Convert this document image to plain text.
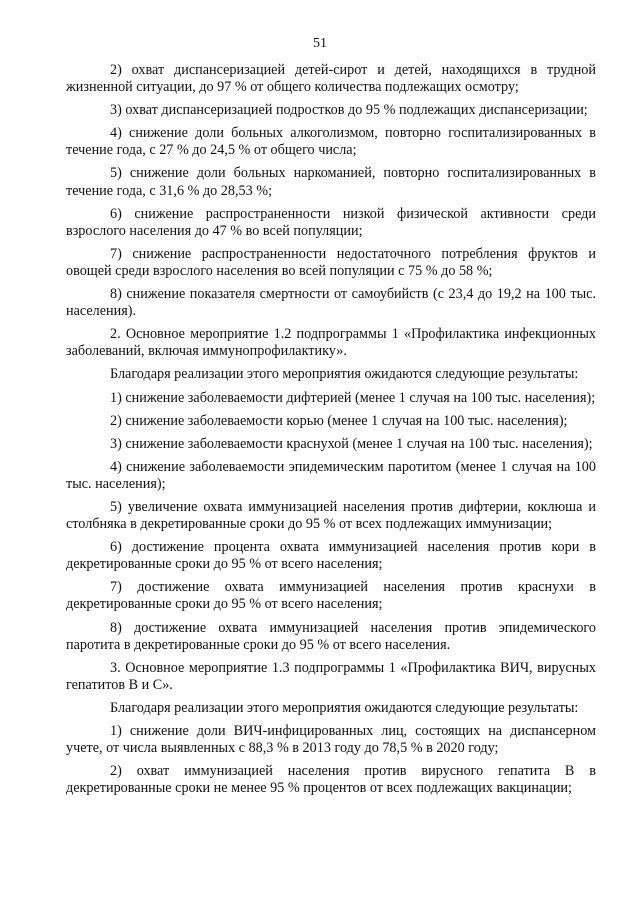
51

2) охват диспансеризацией детей-сирот и детей, находящихся в трудной жизненной ситуации, до 97 % от общего количества подлежащих осмотру;

3) охват диспансеризацией подростков до 95 % подлежащих диспансеризации;

4) снижение доли больных алкоголизмом, повторно госпитализированных в течение года, с 27 % до 24,5 % от общего числа;

5) снижение доли больных наркоманией, повторно госпитализированных в течение года, с 31,6 % до 28,53 %;

6) снижение распространенности низкой физической активности среди взрослого населения до 47 % во всей популяции;

7) снижение распространенности недостаточного потребления фруктов и овощей среди взрослого населения во всей популяции с 75 % до 58 %;

8) снижение показателя смертности от самоубийств (с 23,4 до 19,2 на 100 тыс. населения).

2. Основное мероприятие 1.2 подпрограммы 1 «Профилактика инфекционных заболеваний, включая иммунопрофилактику».

Благодаря реализации этого мероприятия ожидаются следующие результаты:

1) снижение заболеваемости дифтерией (менее 1 случая на 100 тыс. населения);

2) снижение заболеваемости корью (менее 1 случая на 100 тыс. населения);

3) снижение заболеваемости краснухой (менее 1 случая на 100 тыс. населения);

4) снижение заболеваемости эпидемическим паротитом (менее 1 случая на 100 тыс. населения);

5) увеличение охвата иммунизацией населения против дифтерии, коклюша и столбняка в декретированные сроки до 95 % от всех подлежащих иммунизации;

6) достижение процента охвата иммунизацией населения против кори в декретированные сроки до 95 % от всего населения;

7) достижение охвата иммунизацией населения против краснухи в декретированные сроки до 95 % от всего населения;

8) достижение охвата иммунизацией населения против эпидемического паротита в декретированные сроки до 95 % от всего населения.

3. Основное мероприятие 1.3 подпрограммы 1 «Профилактика ВИЧ, вирусных гепатитов В и С».

Благодаря реализации этого мероприятия ожидаются следующие результаты:

1) снижение доли ВИЧ-инфицированных лиц, состоящих на диспансерном учете, от числа выявленных с 88,3 % в 2013 году до 78,5 % в 2020 году;

2) охват иммунизацией населения против вирусного гепатита В в декретированные сроки не менее 95 % процентов от всех подлежащих вакцинации;
